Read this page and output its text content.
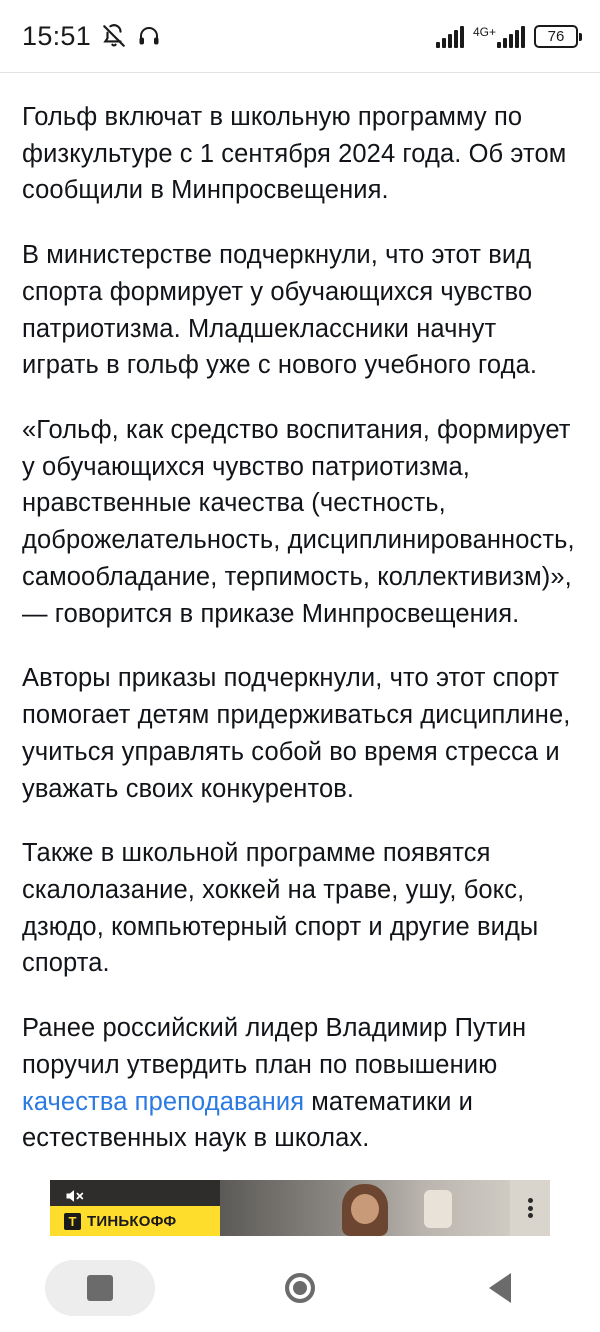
15:51	4G+	76

Гольф включат в школьную программу по физкультуре с 1 сентября 2024 года. Об этом сообщили в Минпросвещения.

В министерстве подчеркнули, что этот вид спорта формирует у обучающихся чувство патриотизма. Младшеклассники начнут играть в гольф уже с нового учебного года.

«Гольф, как средство воспитания, формирует у обучающихся чувство патриотизма, нравственные качества (честность, доброжелательность, дисциплинированность, самообладание, терпимость, коллективизм)», — говорится в приказе Минпросвещения.

Авторы приказы подчеркнули, что этот спорт помогает детям придерживаться дисциплине, учиться управлять собой во время стресса и уважать своих конкурентов.

Также в школьной программе появятся скалолазание, хоккей на траве, ушу, бокс, дзюдо, компьютерный спорт и другие виды спорта.

Ранее российский лидер Владимир Путин поручил утвердить план по повышению качества преподавания математики и естественных наук в школах.

Т ТИНЬКОФФ
